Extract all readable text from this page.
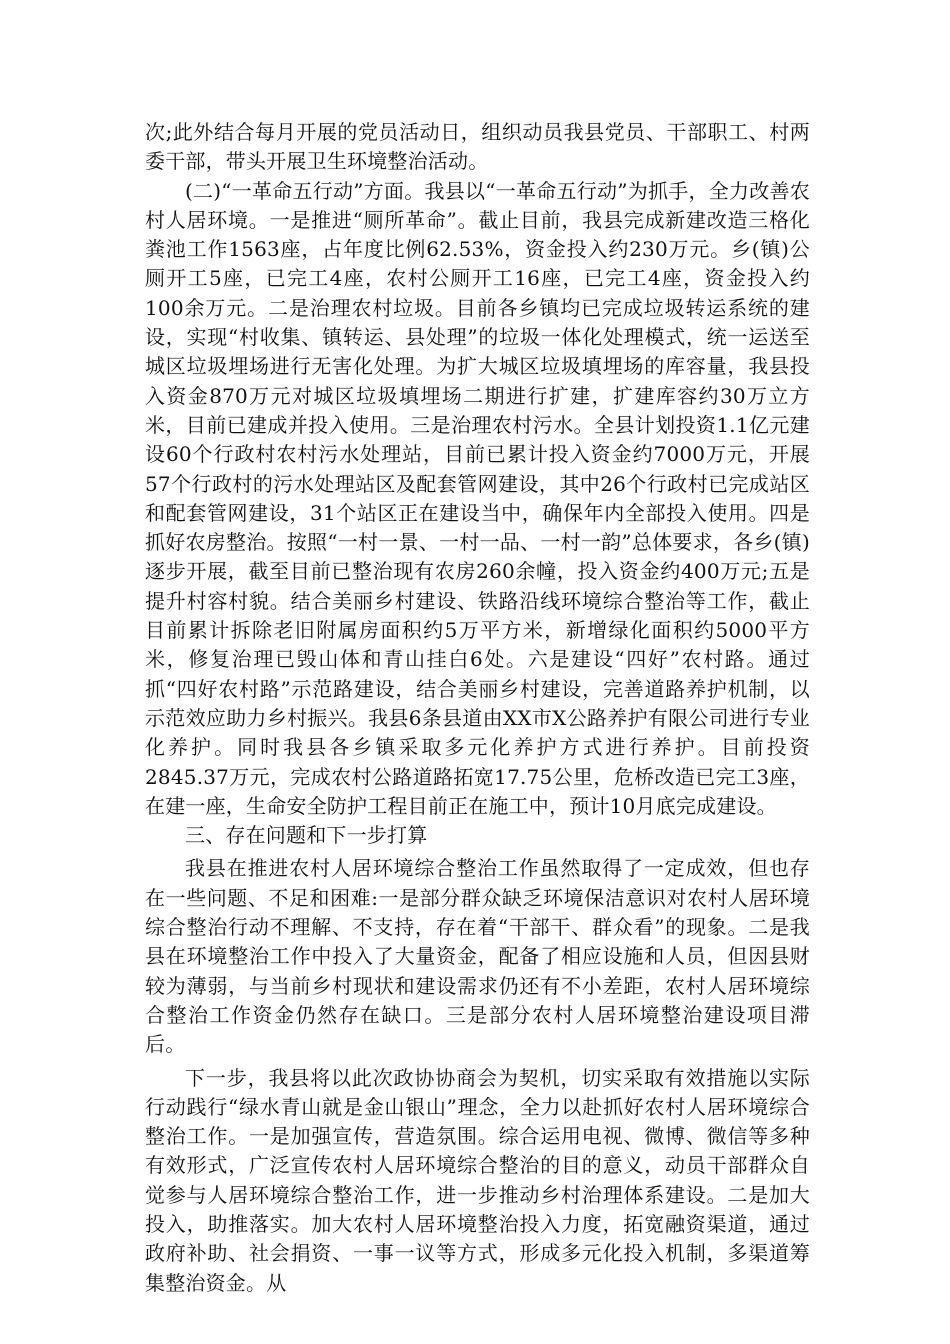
次;此外结合每月开展的党员活动日，组织动员我县党员、干部职工、村两委干部，带头开展卫生环境整治活动。

(二)“一革命五行动”方面。我县以“一革命五行动”为抓手，全力改善农村人居环境。一是推进“厕所革命”。截止目前，我县完成新建改造三格化粪池工作1563座，占年度比例62.53%，资金投入约230万元。乡(镇)公厕开工5座，已完工4座，农村公厕开工16座，已完工4座，资金投入约100余万元。二是治理农村垃圾。目前各乡镇均已完成垃圾转运系统的建设，实现“村收集、镇转运、县处理”的垃圾一体化处理模式，统一运送至城区垃圾埋场进行无害化处理。为扩大城区垃圾填埋场的库容量，我县投入资金870万元对城区垃圾填埋场二期进行扩建，扩建库容约30万立方米，目前已建成并投入使用。三是治理农村污水。全县计划投资1.1亿元建设60个行政村农村污水处理站，目前已累计投入资金约7000万元，开展57个行政村的污水处理站区及配套管网建设，其中26个行政村已完成站区和配套管网建设，31个站区正在建设当中，确保年内全部投入使用。四是抓好农房整治。按照“一村一景、一村一品、一村一韵”总体要求，各乡(镇)逐步开展，截至目前已整治现有农房260余幢，投入资金约400万元;五是提升村容村貌。结合美丽乡村建设、铁路沿线环境综合整治等工作，截止目前累计拆除老旧附属房面积约5万平方米，新增绿化面积约5000平方米，修复治理已毁山体和青山挂白6处。六是建设“四好”农村路。通过抓“四好农村路”示范路建设，结合美丽乡村建设，完善道路养护机制，以示范效应助力乡村振兴。我县6条县道由XX市X公路养护有限公司进行专业化养护。同时我县各乡镇采取多元化养护方式进行养护。目前投资2845.37万元，完成农村公路道路拓宽17.75公里，危桥改造已完工3座，在建一座，生命安全防护工程目前正在施工中，预计10月底完成建设。

三、存在问题和下一步打算

我县在推进农村人居环境综合整治工作虽然取得了一定成效，但也存在一些问题、不足和困难:一是部分群众缺乏环境保洁意识对农村人居环境综合整治行动不理解、不支持，存在着“干部干、群众看”的现象。二是我县在环境整治工作中投入了大量资金，配备了相应设施和人员，但因县财较为薄弱，与当前乡村现状和建设需求仍还有不小差距，农村人居环境综合整治工作资金仍然存在缺口。三是部分农村人居环境整治建设项目滞后。

下一步，我县将以此次政协协商会为契机，切实采取有效措施以实际行动践行“绿水青山就是金山银山”理念，全力以赴抓好农村人居环境综合整治工作。一是加强宣传，营造氛围。综合运用电视、微博、微信等多种有效形式，广泛宣传农村人居环境综合整治的目的意义，动员干部群众自觉参与人居环境综合整治工作，进一步推动乡村治理体系建设。二是加大投入，助推落实。加大农村人居环境整治投入力度，拓宽融资渠道，通过政府补助、社会捐资、一事一议等方式，形成多元化投入机制，多渠道筹集整治资金。从
